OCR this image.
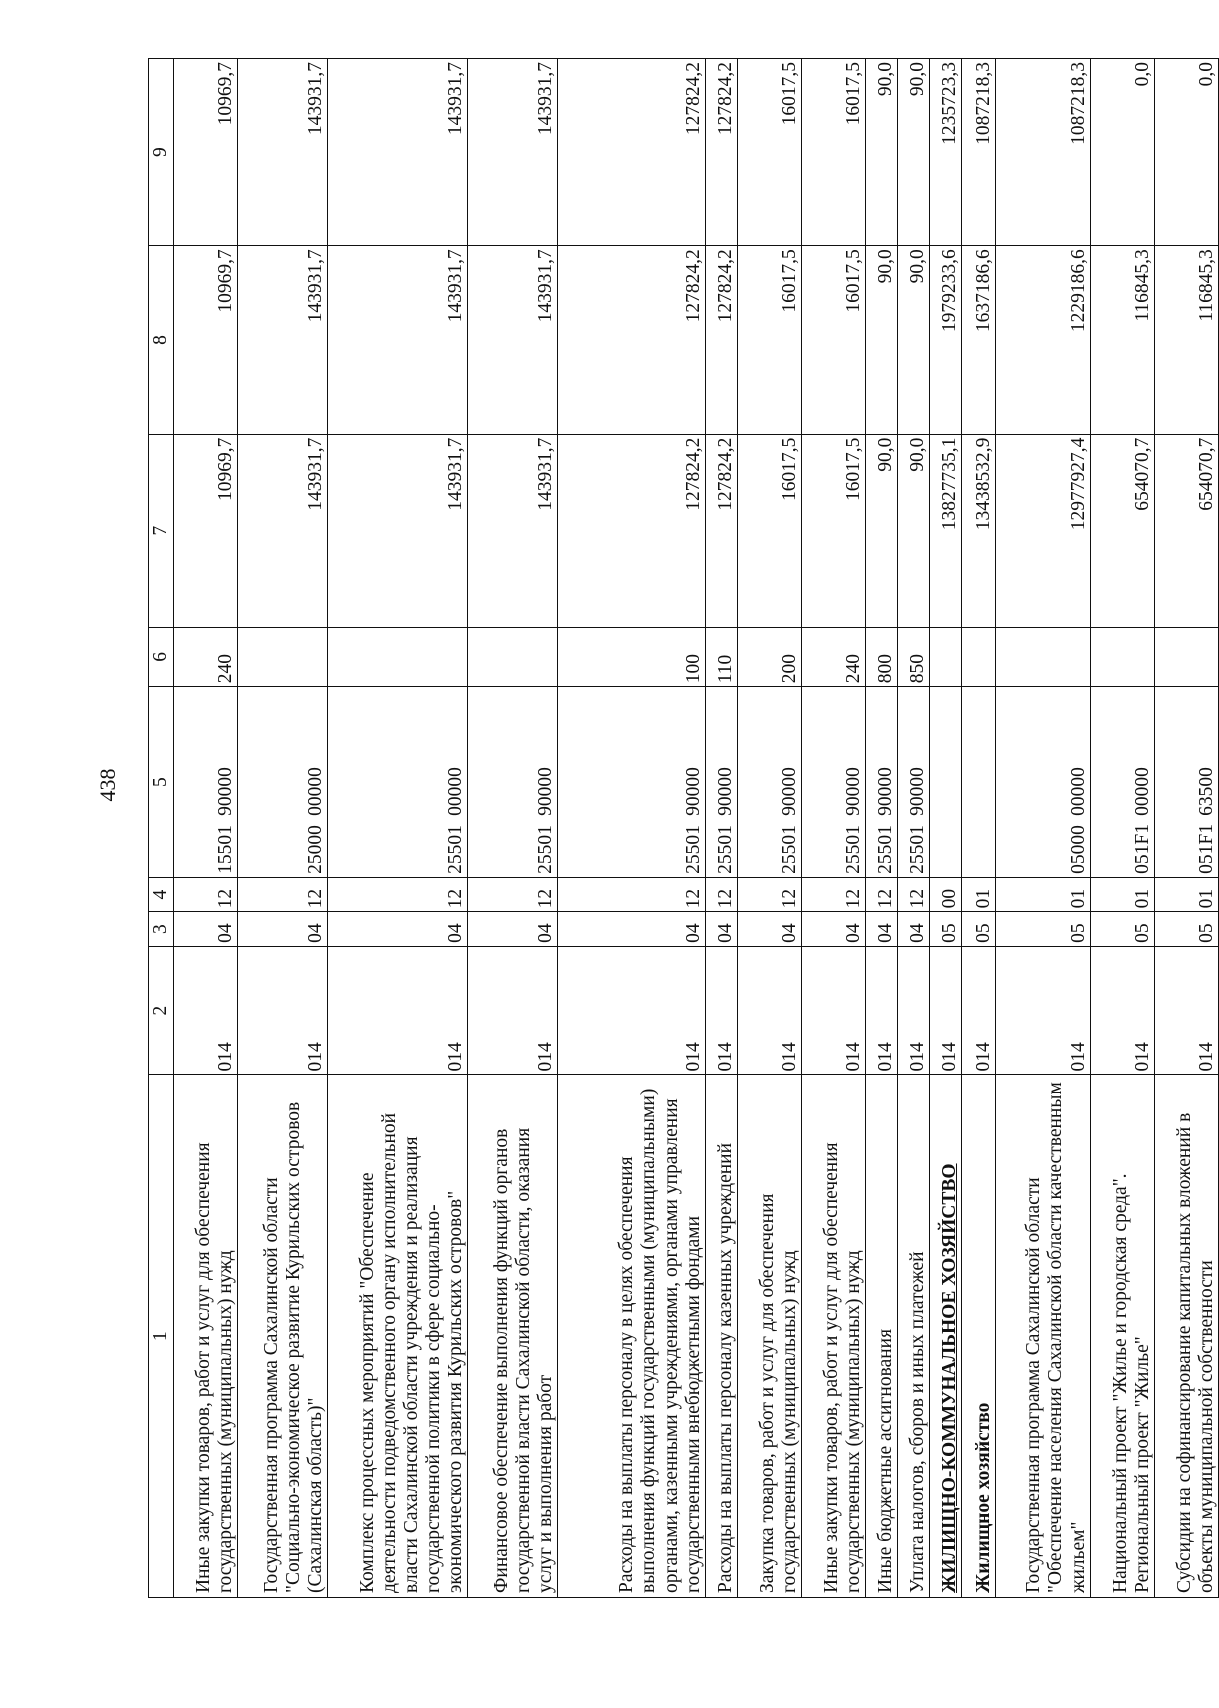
438
1	2	3	4	5	6	7	8	9
Иные закупки товаров, работ и услуг для обеспечения государственных (муниципальных) нужд	014	04	12	1550190000	240	10969,7	10969,7	10969,7
Государственная программа Сахалинской области "Социально-экономическое развитие Курильских островов (Сахалинская область)"	014	04	12	2500000000		143931,7	143931,7	143931,7
Комплекс процессных мероприятий "Обеспечение деятельности подведомственного органу исполнительной власти Сахалинской области учреждения и реализация государственной политики в сфере социально-экономического развития Курильских островов"	014	04	12	2550100000		143931,7	143931,7	143931,7
Финансовое обеспечение выполнения функций органов государственной власти Сахалинской области, оказания услуг и выполнения работ	014	04	12	2550190000		143931,7	143931,7	143931,7
Расходы на выплаты персоналу в целях обеспечения выполнения функций государственными (муниципальными) органами, казенными учреждениями, органами управления государственными внебюджетными фондами	014	04	12	2550190000	100	127824,2	127824,2	127824,2
Расходы на выплаты персоналу казенных учреждений	014	04	12	2550190000	110	127824,2	127824,2	127824,2
Закупка товаров, работ и услуг для обеспечения государственных (муниципальных) нужд	014	04	12	2550190000	200	16017,5	16017,5	16017,5
Иные закупки товаров, работ и услуг для обеспечения государственных (муниципальных) нужд	014	04	12	2550190000	240	16017,5	16017,5	16017,5
Иные бюджетные ассигнования	014	04	12	2550190000	800	90,0	90,0	90,0
Уплата налогов, сборов и иных платежей	014	04	12	2550190000	850	90,0	90,0	90,0
ЖИЛИЩНО-КОММУНАЛЬНОЕ ХОЗЯЙСТВО	014	05	00			13827735,1	1979233,6	1235723,3
Жилищное хозяйство	014	05	01			13438532,9	1637186,6	1087218,3
Государственная программа Сахалинской области "Обеспечение населения Сахалинской области качественным жильем"	014	05	01	0500000000		12977927,4	1229186,6	1087218,3
Национальный проект "Жилье и городская среда". Региональный проект "Жилье"	014	05	01	051F100000		654070,7	116845,3	0,0
Субсидии на софинансирование капитальных вложений в объекты муниципальной собственности	014	05	01	051F163500		654070,7	116845,3	0,0
